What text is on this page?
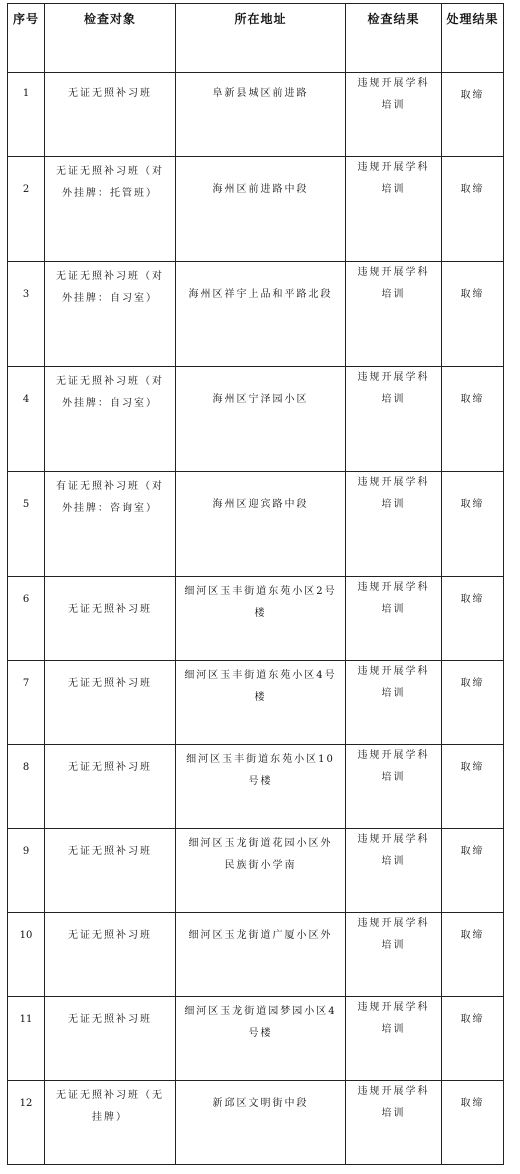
序号	检查对象	所在地址	检查结果	处理结果
1	无证无照补习班	阜新县城区前进路	违规开展学科培训	取缔
2	无证无照补习班（对外挂牌：托管班）	海州区前进路中段	违规开展学科培训	取缔
3	无证无照补习班（对外挂牌：自习室）	海州区祥宇上品和平路北段	违规开展学科培训	取缔
4	无证无照补习班（对外挂牌：自习室）	海州区宁泽园小区	违规开展学科培训	取缔
5	有证无照补习班（对外挂牌：咨询室）	海州区迎宾路中段	违规开展学科培训	取缔
6	无证无照补习班	细河区玉丰街道东苑小区2号楼	违规开展学科培训	取缔
7	无证无照补习班	细河区玉丰街道东苑小区4号楼	违规开展学科培训	取缔
8	无证无照补习班	细河区玉丰街道东苑小区10号楼	违规开展学科培训	取缔
9	无证无照补习班	细河区玉龙街道花园小区外民族街小学南	违规开展学科培训	取缔
10	无证无照补习班	细河区玉龙街道广厦小区外	违规开展学科培训	取缔
11	无证无照补习班	细河区玉龙街道园梦园小区4号楼	违规开展学科培训	取缔
12	无证无照补习班（无挂牌）	新邱区文明街中段	违规开展学科培训	取缔
